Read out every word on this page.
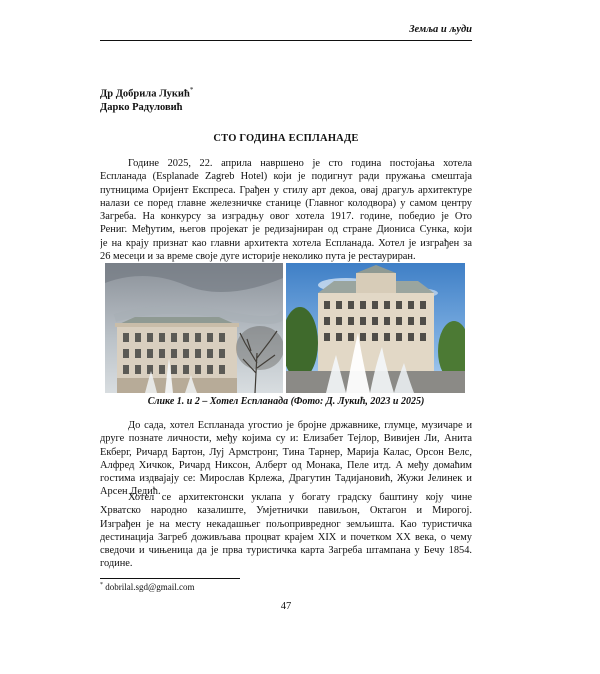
Земља и људи
Др Добрила Лукић*
Дарко Радуловић
СТО ГОДИНА ЕСПЛАНАДЕ
Године 2025, 22. априла навршено је сто година постојања хотела
Еспланада (Esplanade Zagreb Hotel) који је подигнут ради пружања смештаја
путницима Оријент Експреса. Грађен у стилу арт декоа, овај драгуљ архитектуре
налази се поред главне железничке станице (Главног колодвора) у самом центру
Загреба. На конкурсу за изградњу овог хотела 1917. године, победио је Ото
Рениг. Међутим, његов пројекат је редизајниран од стране Диониса Сунка, који
је на крају признат као главни архитекта хотела Еспланада. Хотел је изграђен за
26 месеци и за време своје дуге историје неколико пута је рестауриран.
Слике 1. и 2 – Хотел Еспланада (Фото: Д. Лукић, 2023 и 2025)
До сада, хотел Еспланада угостио је бројне државнике, глумце, музичаре и
друге познате личности, међу којима су и: Елизабет Тејлор, Вивијен Ли, Анита
Екберг, Ричард Бартон, Луј Армстронг, Тина Тарнер, Марија Калас, Орсон Велс,
Алфред Хичкок, Ричард Никсон, Алберт од Монака, Пеле итд. А међу домаћим
гостима издвајају се: Мирослав Крлежа, Драгутин Тадијановић, Жужи Јелинек и
Арсен Дедић.
Хотел се архитектонски уклапа у богату градску баштину коју чине
Хрватско народно казалиште, Умјетнички павиљон, Октагон и Мирогој.
Изграђен је на месту некадашњег пољопривредног земљишта. Као туристичка
дестинација Загреб доживљава процват крајем XIX и почетком XX века, о чему
сведочи и чињеница да је прва туристичка карта Загреба штампана у Бечу 1854.
године.
* dobrilal.sgd@gmail.com
47
